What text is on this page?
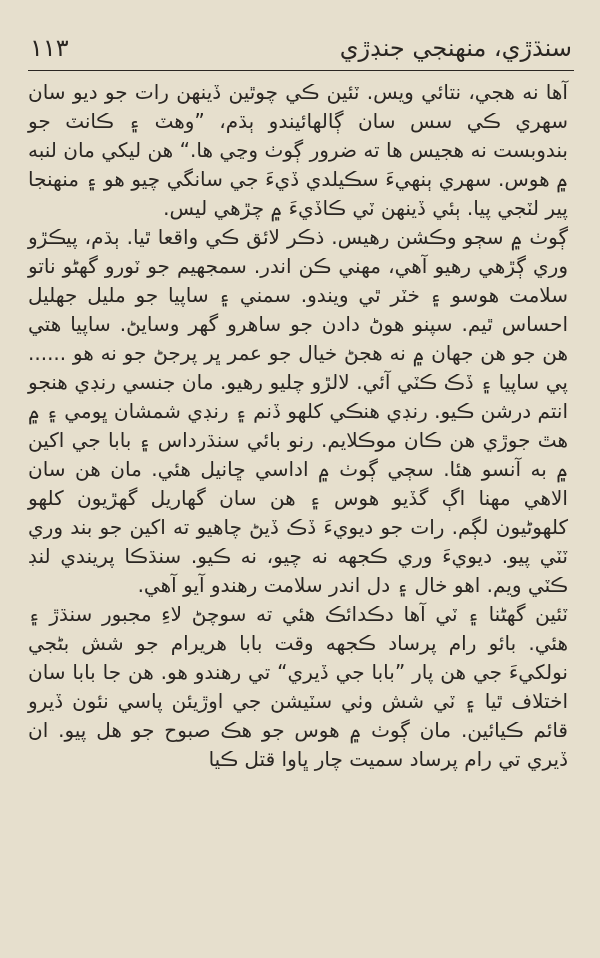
١١٣	سنڌڙي، منهنجي جنڊڙي

آها نه هجي، نتائي ويس. ٽئين ڪي چوٿين ڏينهن رات جو ديو سان سهري ڪي سس سان ڳالهائيندو ٻڌم، ”وهٽ ۽ ڪانٽ جو بندوبست نه هجيس ها ته ضرور ڳوٺ وڃي ها.“ هن ليکي مان لنبه ۾ هوس. سهري ٻنهيءَ سڪيلدي ڏيءَ جي سانگي چيو هو ۽ منهنجا پير لٽجي پيا. ٻئي ڏينهن ٽي ڪاڏيءَ ۾ چڙهي ليس.

ڳوٺ ۾ سڄو وڪشن رهيس. ذڪر لائق ڪي واقعا ٿيا. ٻڌم، پيڪڙو وري ڳڙهي رهيو آهي، مهني ڪن اندر. سمجهيم جو ٽورو گهڻو ناتو سلامت هوسو ۽ خٽر ٿي ويندو. سمني ۽ ساپيا جو مليل جهليل احساس ٿيم. سپنو هوڻ دادن جو ساهرو گهر وسايڻ. ساپيا هتي هن جو هن جهان ۾ نه هجڻ خيال جو عمر ڀر پرجڻ جو نه هو ...... پي ساپيا ۽ ڏڪ ڪٽي آئي. لالڙو چليو رهيو. مان جنسي رنڊي هنجو انتم درشن ڪيو. رنڊي هنڪي کلهو ڏنم ۽ رنڊي شمشان ڀومي ۽ ۾ هٿ جوڙي هن ڪان موڪلايم. رنو بائي سنڌرداس ۽ بابا جي اکين ۾ به آنسو هئا. سڄي ڳوٺ ۾ اداسي ڇانيل هئي. مان هن سان الاهي مهنا اڳ گڏيو هوس ۽ هن سان گهاريل گهڙيون کلهو کلهوڻيون لڳم. رات جو ديويءَ ڏڪ ڏيڻ چاهيو ته اکين جو بند وري ٽٽي پيو. ديويءَ وري ڪجهه نه چيو، نه ڪيو. سنڌڪا پريندي لنڊ ڪٽي ويم. اهو خال ۽ دل اندر سلامت رهندو آيو آهي.

ٽئين گهڻنا ۽ ٽي آها دڪدائڪ هئي ته سوچڻ لاءِ مجبور سنڌڙ ۽ هئي. بائو رام پرساد ڪجهه وقت بابا هريرام جو شش بڻجي نولکيءَ جي هن پار ”بابا جي ڏيري“ تي رهندو هو. هن جا بابا سان اختلاف ٿيا ۽ ٽي شش وٺي سٽيشن جي اوڙيئن پاسي نئون ڏيرو قائم ڪيائين. مان ڳوٺ ۾ هوس جو هڪ صبوح جو هل پيو. ان ڏيري تي رام پرساد سميت چار ڀاوا قتل ڪيا
